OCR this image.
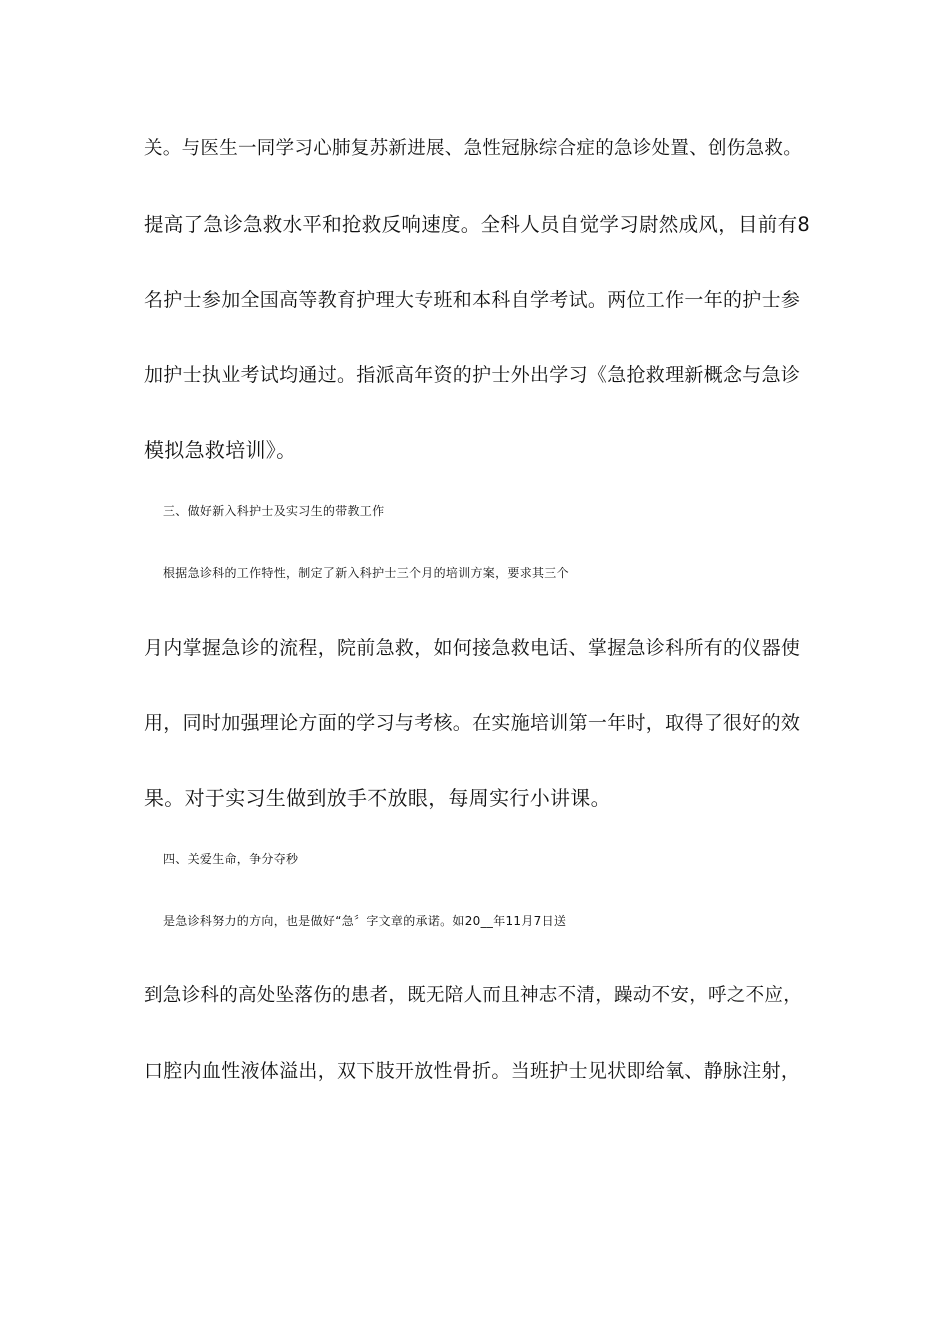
关。与医生一同学习心肺复苏新进展、急性冠脉综合症的急诊处置、创伤急救。
提高了急诊急救水平和抢救反响速度。全科人员自觉学习尉然成风，目前有8
名护士参加全国高等教育护理大专班和本科自学考试。两位工作一年的护士参
加护士执业考试均通过。指派高年资的护士外出学习《急抢救理新概念与急诊
模拟急救培训》。
三、做好新入科护士及实习生的带教工作
根据急诊科的工作特性，制定了新入科护士三个月的培训方案，要求其三个
月内掌握急诊的流程，院前急救，如何接急救电话、掌握急诊科所有的仪器使
用，同时加强理论方面的学习与考核。在实施培训第一年时，取得了很好的效
果。对于实习生做到放手不放眼，每周实行小讲课。
四、关爱生命，争分夺秒
是急诊科努力的方向，也是做好“急〞字文章的承诺。如20__年11月7日送
到急诊科的高处坠落伤的患者，既无陪人而且神志不清，躁动不安，呼之不应，
口腔内血性液体溢出，双下肢开放性骨折。当班护士见状即给氧、静脉注射，
